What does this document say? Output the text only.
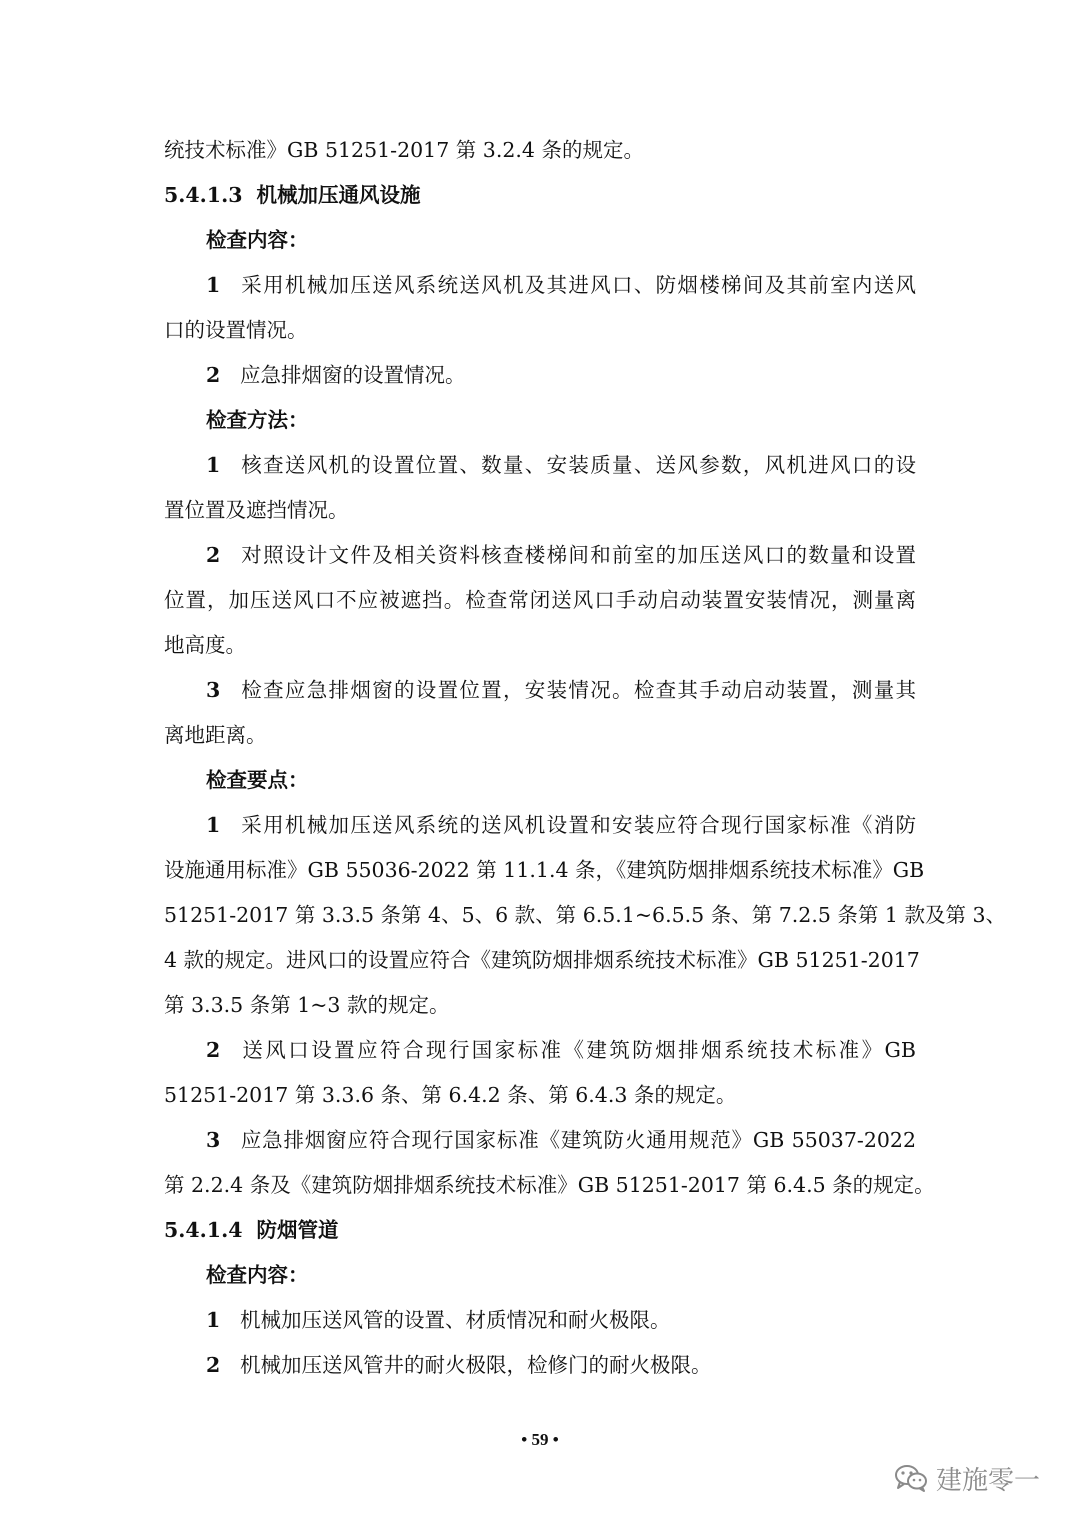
统技术标准》GB 51251-2017 第 3.2.4 条的规定。
5.4.1.3 机械加压通风设施
检查内容：
1 采用机械加压送风系统送风机及其进风口、防烟楼梯间及其前室内送风
口的设置情况。
2 应急排烟窗的设置情况。
检查方法：
1 核查送风机的设置位置、数量、安装质量、送风参数，风机进风口的设
置位置及遮挡情况。
2 对照设计文件及相关资料核查楼梯间和前室的加压送风口的数量和设置
位置，加压送风口不应被遮挡。检查常闭送风口手动启动装置安装情况，测量离
地高度。
3 检查应急排烟窗的设置位置，安装情况。检查其手动启动装置，测量其
离地距离。
检查要点：
1 采用机械加压送风系统的送风机设置和安装应符合现行国家标准《消防
设施通用标准》GB 55036-2022 第 11.1.4 条，《建筑防烟排烟系统技术标准》GB
51251-2017 第 3.3.5 条第 4、5、6 款、第 6.5.1~6.5.5 条、第 7.2.5 条第 1 款及第 3、
4 款的规定。进风口的设置应符合《建筑防烟排烟系统技术标准》GB 51251-2017
第 3.3.5 条第 1~3 款的规定。
2 送风口设置应符合现行国家标准《建筑防烟排烟系统技术标准》GB
51251-2017 第 3.3.6 条、第 6.4.2 条、第 6.4.3 条的规定。
3 应急排烟窗应符合现行国家标准《建筑防火通用规范》GB 55037-2022
第 2.2.4 条及《建筑防烟排烟系统技术标准》GB 51251-2017 第 6.4.5 条的规定。
5.4.1.4 防烟管道
检查内容：
1 机械加压送风管的设置、材质情况和耐火极限。
2 机械加压送风管井的耐火极限，检修门的耐火极限。
• 59 •
建施零一
